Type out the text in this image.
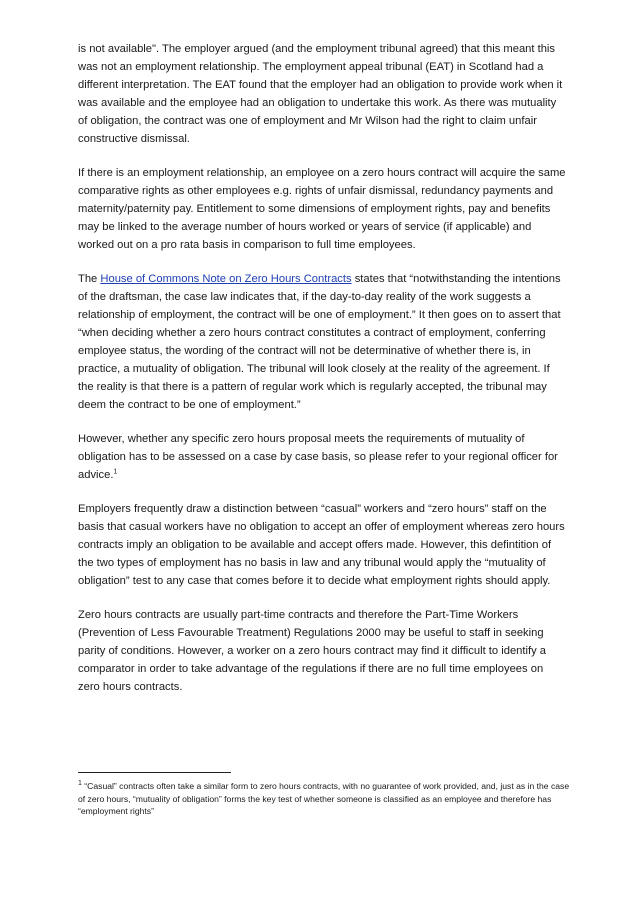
is not available". The employer argued (and the employment tribunal agreed) that this meant this was not an employment relationship. The employment appeal tribunal (EAT) in Scotland had a different interpretation. The EAT found that the employer had an obligation to provide work when it was available and the employee had an obligation to undertake this work. As there was mutuality of obligation, the contract was one of employment and Mr Wilson had the right to claim unfair constructive dismissal.

If there is an employment relationship, an employee on a zero hours contract will acquire the same comparative rights as other employees e.g. rights of unfair dismissal, redundancy payments and maternity/paternity pay. Entitlement to some dimensions of employment rights, pay and benefits may be linked to the average number of hours worked or years of service (if applicable) and worked out on a pro rata basis in comparison to full time employees.

The House of Commons Note on Zero Hours Contracts states that “notwithstanding the intentions of the draftsman, the case law indicates that, if the day-to-day reality of the work suggests a relationship of employment, the contract will be one of employment.” It then goes on to assert that “when deciding whether a zero hours contract constitutes a contract of employment, conferring employee status, the wording of the contract will not be determinative of whether there is, in practice, a mutuality of obligation. The tribunal will look closely at the reality of the agreement. If the reality is that there is a pattern of regular work which is regularly accepted, the tribunal may deem the contract to be one of employment.”

However, whether any specific zero hours proposal meets the requirements of mutuality of obligation has to be assessed on a case by case basis, so please refer to your regional officer for advice.$^1$

Employers frequently draw a distinction between “casual” workers and “zero hours” staff on the basis that casual workers have no obligation to accept an offer of employment whereas zero hours contracts imply an obligation to be available and accept offers made. However, this defintition of the two types of employment has no basis in law and any tribunal would apply the “mutuality of obligation” test to any case that comes before it to decide what employment rights should apply.

Zero hours contracts are usually part-time contracts and therefore the Part-Time Workers (Prevention of Less Favourable Treatment) Regulations 2000 may be useful to staff in seeking parity of conditions. However, a worker on a zero hours contract may find it difficult to identify a comparator in order to take advantage of the regulations if there are no full time employees on zero hours contracts.

$^1$ “Casual” contracts often take a similar form to zero hours contracts, with no guarantee of work provided, and, just as in the case of zero hours, “mutuality of obligation” forms the key test of whether someone is classified as an employee and therefore has “employment rights”
